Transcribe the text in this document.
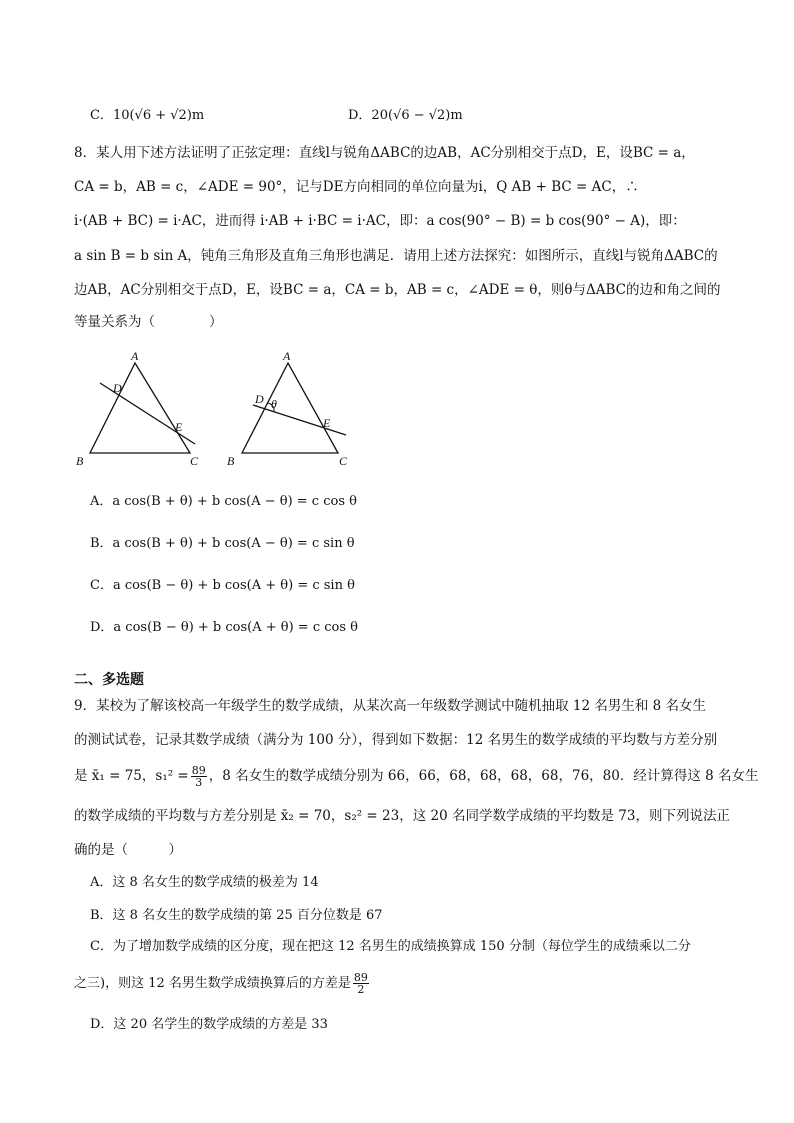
C．10(√6 + √2)m	D．20(√6 − √2)m
8．某人用下述方法证明了正弦定理：直线l与锐角ΔABC的边AB，AC分别相交于点D，E，设BC = a，
CA = b，AB = c，∠ADE = 90°，记与DE方向相同的单位向量为i，Q AB + BC = AC，∴
i·(AB + BC) = i·AC，进而得 i·AB + i·BC = i·AC，即：a cos(90° − B) = b cos(90° − A)，即：
a sin B = b sin A，钝角三角形及直角三角形也满足．请用上述方法探究：如图所示，直线l与锐角ΔABC的
边AB，AC分别相交于点D，E，设BC = a，CA = b，AB = c，∠ADE = θ，则θ与ΔABC的边和角之间的
等量关系为（　　　　）
A
D
E
B	C
A
D θ
E
B	C
A．a cos(B + θ) + b cos(A − θ) = c cos θ
B．a cos(B + θ) + b cos(A − θ) = c sin θ
C．a cos(B − θ) + b cos(A + θ) = c sin θ
D．a cos(B − θ) + b cos(A + θ) = c cos θ
二、多选题
9．某校为了解该校高一年级学生的数学成绩，从某次高一年级数学测试中随机抽取 12 名男生和 8 名女生
的测试试卷，记录其数学成绩（满分为 100 分），得到如下数据：12 名男生的数学成绩的平均数与方差分别
是 x̄₁ = 75，$s_1^2 = \frac{89}{3}$ ，8 名女生的数学成绩分别为 66，66，68，68，68，68，76，80．经计算得这 8 名女生
的数学成绩的平均数与方差分别是 x̄₂ = 70，s₂² = 23，这 20 名同学数学成绩的平均数是 73，则下列说法正
确的是（　　　）
A．这 8 名女生的数学成绩的极差为 14
B．这 8 名女生的数学成绩的第 25 百分位数是 67
C．为了增加数学成绩的区分度，现在把这 12 名男生的成绩换算成 150 分制（每位学生的成绩乘以二分
之三)，则这 12 名男生数学成绩换算后的方差是 $\frac{89}{2}$
D．这 20 名学生的数学成绩的方差是 33
